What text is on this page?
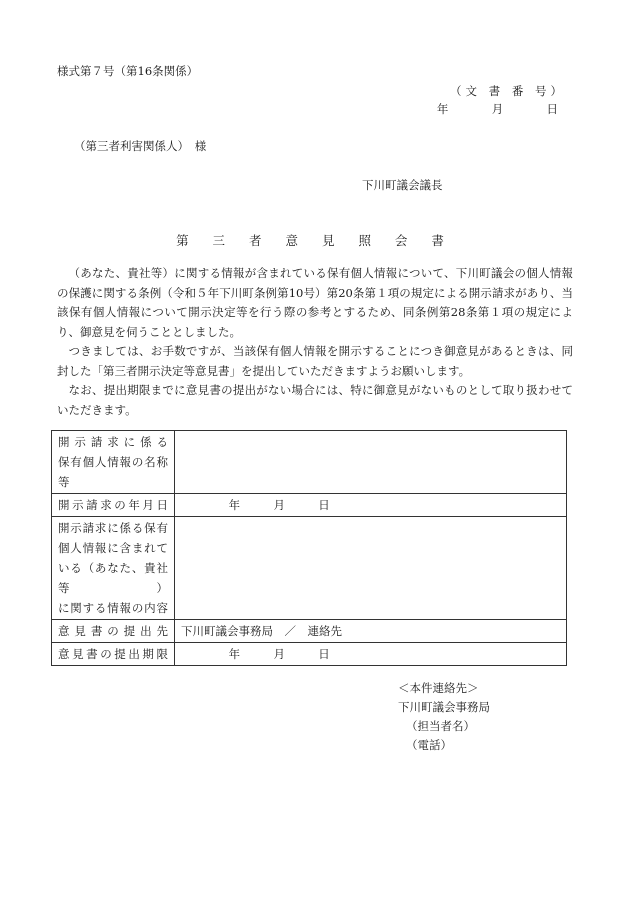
様式第７号（第16条関係）
（文 書 番 号）
年	月	日
（第三者利害関係人）　様
下川町議会議長
第 三 者 意 見 照 会 書

（あなた、貴社等）に関する情報が含まれている保有個人情報について、下川町議会の個人情報の保護に関する条例（令和５年下川町条例第10号）第20条第１項の規定による開示請求があり、当該保有個人情報について開示決定等を行う際の参考とするため、同条例第28条第１項の規定により、御意見を伺うこととしました。

つきましては、お手数ですが、当該保有個人情報を開示することにつき御意見があるときは、同封した「第三者開示決定等意見書」を提出していただきますようお願いします。

なお、提出期限までに意見書の提出がない場合には、特に御意見がないものとして取り扱わせていただきます。

開示請求に係る
保有個人情報の名称等	

開示請求の年月日	年 月 日

開示請求に係る保有
個人情報に含まれて
いる（あなた、貴社等）
に関する情報の内容	

意見書の提出先	下川町議会事務局　／　連絡先
意見書の提出期限	年 月 日
＜本件連絡先＞
下川町議会事務局
（担当者名）
（電話）
